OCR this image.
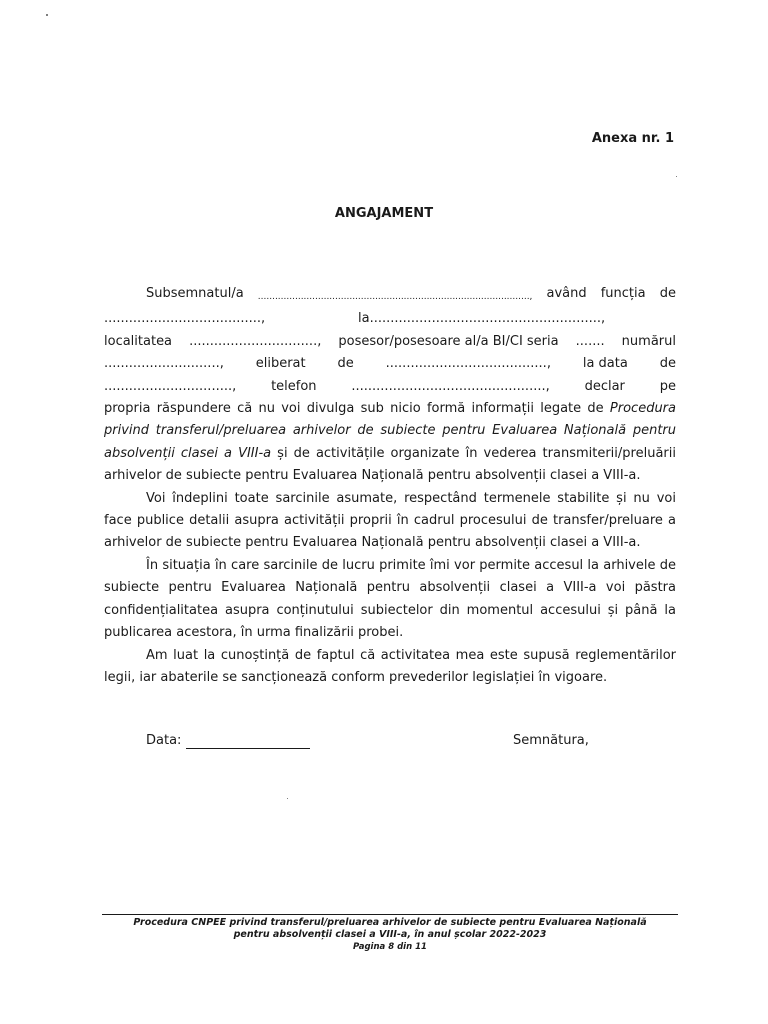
Anexa nr. 1
ANGAJAMENT
Subsemnatul/a ..............................................................................................., având funcția de
......................................,	la........................................................,
localitatea ..............................., posesor/posesoare al/a BI/CI seria ....... numărul
............................, eliberat de ......................................., la data de
...............................,	telefon	...............................................,	declar	pe

propria răspundere că nu voi divulga sub nicio formă informații legate de Procedura privind transferul/preluarea arhivelor de subiecte pentru Evaluarea Națională pentru absolvenții clasei a VIII-a și de activitățile organizate în vederea transmiterii/preluării arhivelor de subiecte pentru Evaluarea Națională pentru absolvenții clasei a VIII-a.

Voi îndeplini toate sarcinile asumate, respectând termenele stabilite și nu voi face publice detalii asupra activității proprii în cadrul procesului de transfer/preluare a arhivelor de subiecte pentru Evaluarea Națională pentru absolvenții clasei a VIII-a.

În situația în care sarcinile de lucru primite îmi vor permite accesul la arhivele de subiecte pentru Evaluarea Națională pentru absolvenții clasei a VIII-a voi păstra confidențialitatea asupra conținutului subiectelor din momentul accesului și până la publicarea acestora, în urma finalizării probei.

Am luat la cunoștință de faptul că activitatea mea este supusă reglementărilor legii, iar abaterile se sancționează conform prevederilor legislației în vigoare.

Data:	Semnătura,
Procedura CNPEE privind transferul/preluarea arhivelor de subiecte pentru Evaluarea Națională
pentru absolvenții clasei a VIII-a, în anul școlar 2022-2023
Pagina 8 din 11
